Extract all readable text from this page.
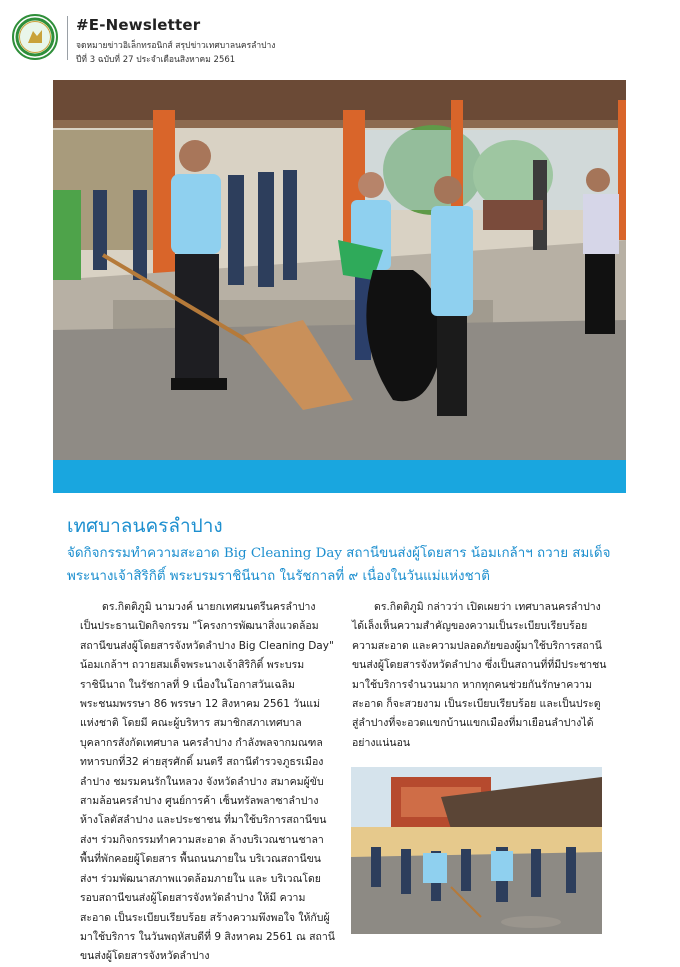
#E-Newsletter
จดหมายข่าวอิเล็กทรอนิกส์ สรุปข่าวเทศบาลนครลำปาง
ปีที่ 3 ฉบับที่ 27 ประจำเดือนสิงหาคม 2561
เทศบาลนครลำปาง
จัดกิจกรรมทำความสะอาด Big Cleaning Day สถานีขนส่งผู้โดยสาร น้อมเกล้าฯ ถวาย สมเด็จพระนางเจ้าสิริกิติ์ พระบรมราชินีนาถ ในรัชกาลที่ ๙ เนื่องในวันแม่แห่งชาติ
ดร.กิตติภูมิ นามวงค์ นายกเทศมนตรีนครลำปาง เป็นประธานเปิดกิจกรรม "โครงการพัฒนาสิ่งแวดล้อม สถานีขนส่งผู้โดยสารจังหวัดลำปาง Big Cleaning Day" น้อมเกล้าฯ ถวายสมเด็จพระนางเจ้าสิริกิติ์ พระบรมราชินีนาถ ในรัชกาลที่ 9 เนื่องในโอกาสวันเฉลิมพระชนมพรรษา 86 พรรษา 12 สิงหาคม 2561 วันแม่แห่งชาติ โดยมี คณะผู้บริหาร สมาชิกสภาเทศบาล บุคลากรสังกัดเทศบาล นครลำปาง กำลังพลจากมณฑลทหารบกที่32 ค่ายสุรศักดิ์ มนตรี สถานีตำรวจภูธรเมืองลำปาง ชมรมคนรักในหลวง จังหวัดลำปาง สมาคมผู้ขับสามล้อนครลำปาง ศูนย์การค้า เซ็นทรัลพลาซาลำปาง ห้างโลตัสลำปาง และประชาชน ที่มาใช้บริการสถานีขนส่งฯ ร่วมกิจกรรมทำความสะอาด ล้างบริเวณชานชาลา พื้นที่พักคอยผู้โดยสาร พื้นถนนภายใน บริเวณสถานีขนส่งฯ ร่วมพัฒนาสภาพแวดล้อมภายใน และ บริเวณโดยรอบสถานีขนส่งผู้โดยสารจังหวัดลำปาง ให้มี ความสะอาด เป็นระเบียบเรียบร้อย สร้างความพึงพอใจ ให้กับผู้มาใช้บริการ ในวันพฤหัสบดีที่ 9 สิงหาคม 2561 ณ สถานีขนส่งผู้โดยสารจังหวัดลำปาง
ดร.กิตติภูมิ กล่าวว่า เปิดเผยว่า เทศบาลนครลำปาง ได้เล็งเห็นความสำคัญของความเป็นระเบียบเรียบร้อย ความสะอาด และความปลอดภัยของผู้มาใช้บริการสถานี ขนส่งผู้โดยสารจังหวัดลำปาง ซึ่งเป็นสถานที่ที่มีประชาชน มาใช้บริการจำนวนมาก หากทุกคนช่วยกันรักษาความ สะอาด ก็จะสวยงาม เป็นระเบียบเรียบร้อย และเป็นประตู สู่ลำปางที่จะอวดแขกบ้านแขกเมืองที่มาเยือนลำปางได้ อย่างแน่นอน
